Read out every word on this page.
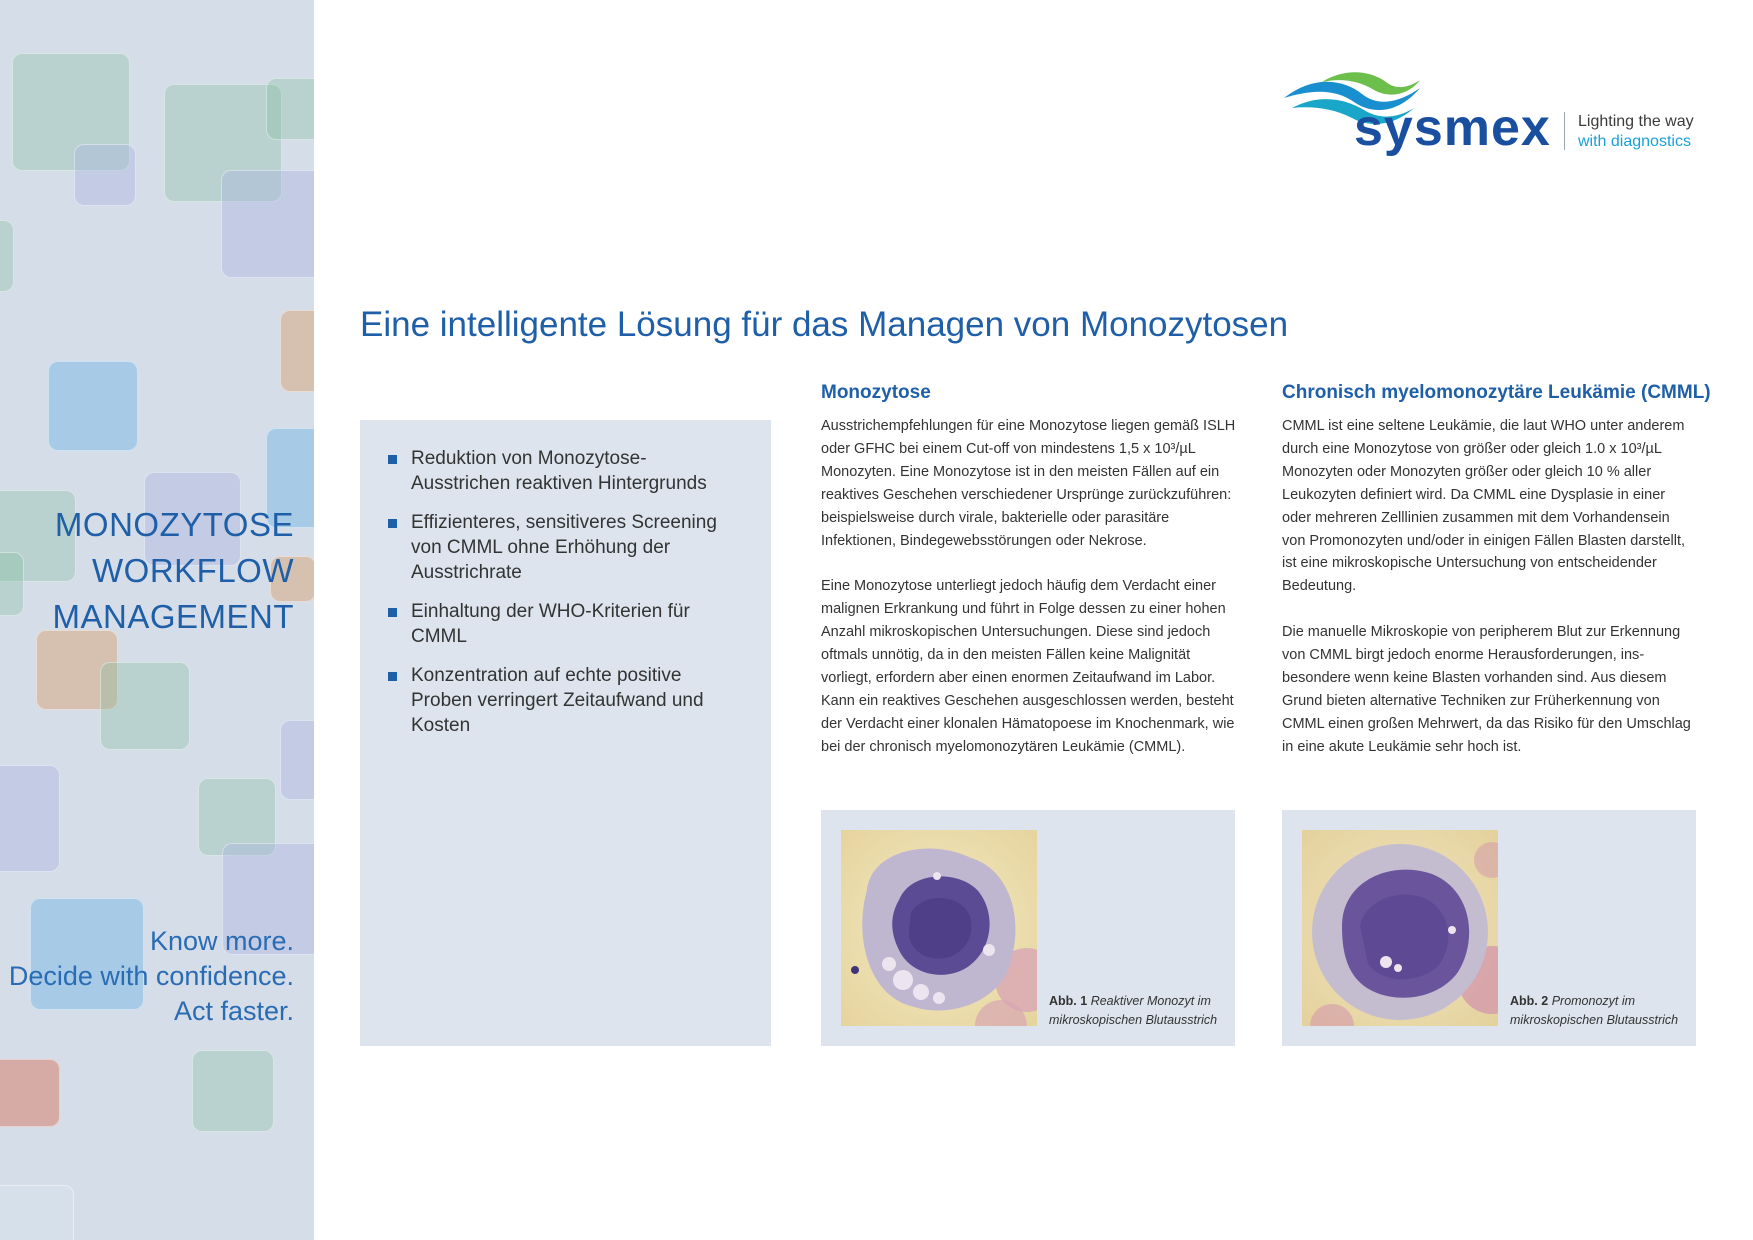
MONOZYTOSE
WORKFLOW
MANAGEMENT
Know more.
Decide with confidence.
Act faster.
sysmex Lighting the way
with diagnostics
Eine intelligente Lösung für das Managen von Monozytosen
Reduktion von Monozytose-Ausstrichen reaktiven Hintergrunds
Effizienteres, sensitiveres Screening von CMML ohne Erhöhung der Ausstrichrate
Einhaltung der WHO-Kriterien für CMML
Konzentration auf echte positive Proben verringert Zeitaufwand und Kosten
Monozytose

Ausstrichempfehlungen für eine Monozytose liegen gemäß ISLH oder GFHC bei einem Cut-off von mindestens 1,5 x 10³/µL Monozyten. Eine Monozytose ist in den meisten Fällen auf ein reaktives Geschehen verschiedener Ursprünge zurückzuführen: beispielsweise durch virale, bakterielle oder parasitäre Infektionen, Bindegewebsstörungen oder Nekrose.

Eine Monozytose unterliegt jedoch häufig dem Verdacht einer malignen Erkrankung und führt in Folge dessen zu einer hohen Anzahl mikroskopischen Untersuchungen. Diese sind jedoch oftmals unnötig, da in den meisten Fällen keine Malignität vorliegt, erfordern aber einen enormen Zeitaufwand im Labor. Kann ein reaktives Geschehen ausgeschlossen werden, besteht der Verdacht einer klonalen Hämatopoese im Knochenmark, wie bei der chronisch myelomonozytären Leukämie (CMML).

Chronisch myelomonozytäre Leukämie (CMML)

CMML ist eine seltene Leukämie, die laut WHO unter anderem durch eine Monozytose von größer oder gleich 1.0 x 10³/µL Monozyten oder Monozyten größer oder gleich 10 % aller Leukozyten definiert wird. Da CMML eine Dysplasie in einer oder mehreren Zelllinien zusammen mit dem Vorhandensein von Promonozyten und/oder in einigen Fällen Blasten darstellt, ist eine mikroskopische Untersuchung von entscheidender Bedeutung.

Die manuelle Mikroskopie von peripherem Blut zur Erkennung von CMML birgt jedoch enorme Herausforderungen, insbesondere wenn keine Blasten vorhanden sind. Aus diesem Grund bieten alternative Techniken zur Früherkennung von CMML einen großen Mehrwert, da das Risiko für den Umschlag in eine akute Leukämie sehr hoch ist.

Abb. 1 Reaktiver Monozyt im mikroskopischen Blutausstrich
Abb. 2 Promonozyt im mikroskopischen Blutausstrich
